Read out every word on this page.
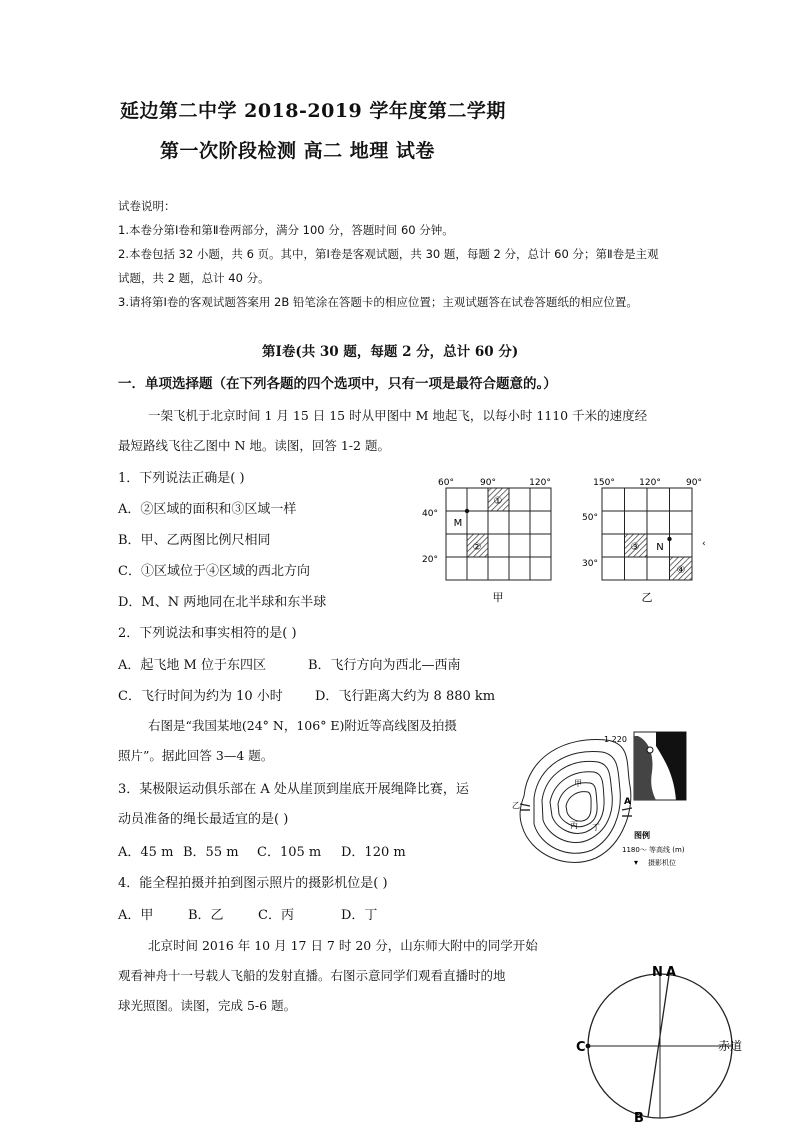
延边第二中学 2018-2019 学年度第二学期
第一次阶段检测 高二 地理 试卷
试卷说明：
1.本卷分第Ⅰ卷和第Ⅱ卷两部分，满分 100 分，答题时间 60 分钟。
2.本卷包括 32 小题，共 6 页。其中，第Ⅰ卷是客观试题，共 30 题，每题 2 分，总计 60 分；第Ⅱ卷是主观
试题，共 2 题，总计 40 分。
3.请将第Ⅰ卷的客观试题答案用 2B 铅笔涂在答题卡的相应位置；主观试题答在试卷答题纸的相应位置。
第Ⅰ卷(共 30 题，每题 2 分，总计 60 分)
一．单项选择题（在下列各题的四个选项中，只有一项是最符合题意的。）
一架飞机于北京时间 1 月 15 日 15 时从甲图中 M 地起飞，以每小时 1110 千米的速度经
最短路线飞往乙图中 N 地。读图，回答 1-2 题。
1．下列说法正确是( )
A．②区域的面积和③区域一样
B．甲、乙两图比例尺相同
C．①区域位于④区域的西北方向
D．M、N 两地同在北半球和东半球
2．下列说法和事实相符的是( )
A．起飞地 M 位于东四区	B．飞行方向为西北—西南
C．飞行时间为约为 10 小时 D．飞行距离大约为 8 880 km
右图是“我国某地(24° N，106° E)附近等高线图及拍摄
照片”。据此回答 3—4 题。
3．某极限运动俱乐部在 A 处从崖顶到崖底开展绳降比赛，运
动员准备的绳长最适宜的是( )
A．45 m B．55 m C．105 m D．120 m
4．能全程拍摄并拍到图示照片的摄影机位是( )
A．甲	B．乙	C．丙	D．丁
北京时间 2016 年 10 月 17 日 7 时 20 分，山东师大附中的同学开始
观看神舟十一号载人飞船的发射直播。右图示意同学们观看直播时的地
球光照图。读图，完成 5-6 题。
①
②
60°	90°	120°
40°
20°
M
甲
③
④
150°	120°	90°
50°
30°
N	‹
乙
1 220
A
甲
乙
丙 丁
图例
1180～ 等高线 (m)
摄影机位
▾
N A
C
B
赤道
